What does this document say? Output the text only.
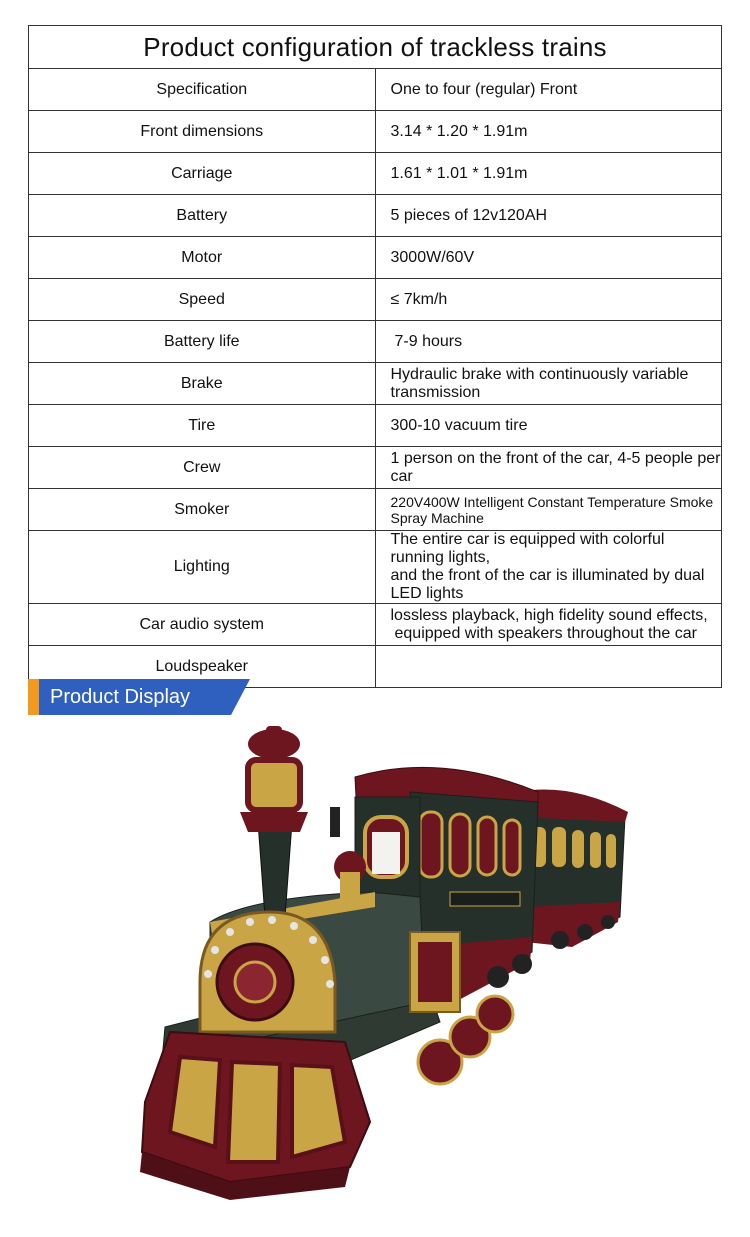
Product configuration of trackless trains	
Specification	One to four (regular) Front
Front dimensions	3.14 * 1.20 * 1.91m
Carriage	1.61 * 1.01 * 1.91m
Battery	5 pieces of 12v120AH
Motor	3000W/60V
Speed	≤ 7km/h
Battery life	7-9 hours
Brake	Hydraulic brake with continuously variable transmission
Tire	300-10 vacuum tire
Crew	1 person on the front of the car, 4-5 people per car
Smoker	220V400W Intelligent Constant Temperature Smoke Spray Machine
Lighting	The entire car is equipped with colorful running lights,
and the front of the car is illuminated by dual LED lights

Car audio system	lossless playback, high fidelity sound effects,
equipped with speakers throughout the car

Loudspeaker	
Product Display
